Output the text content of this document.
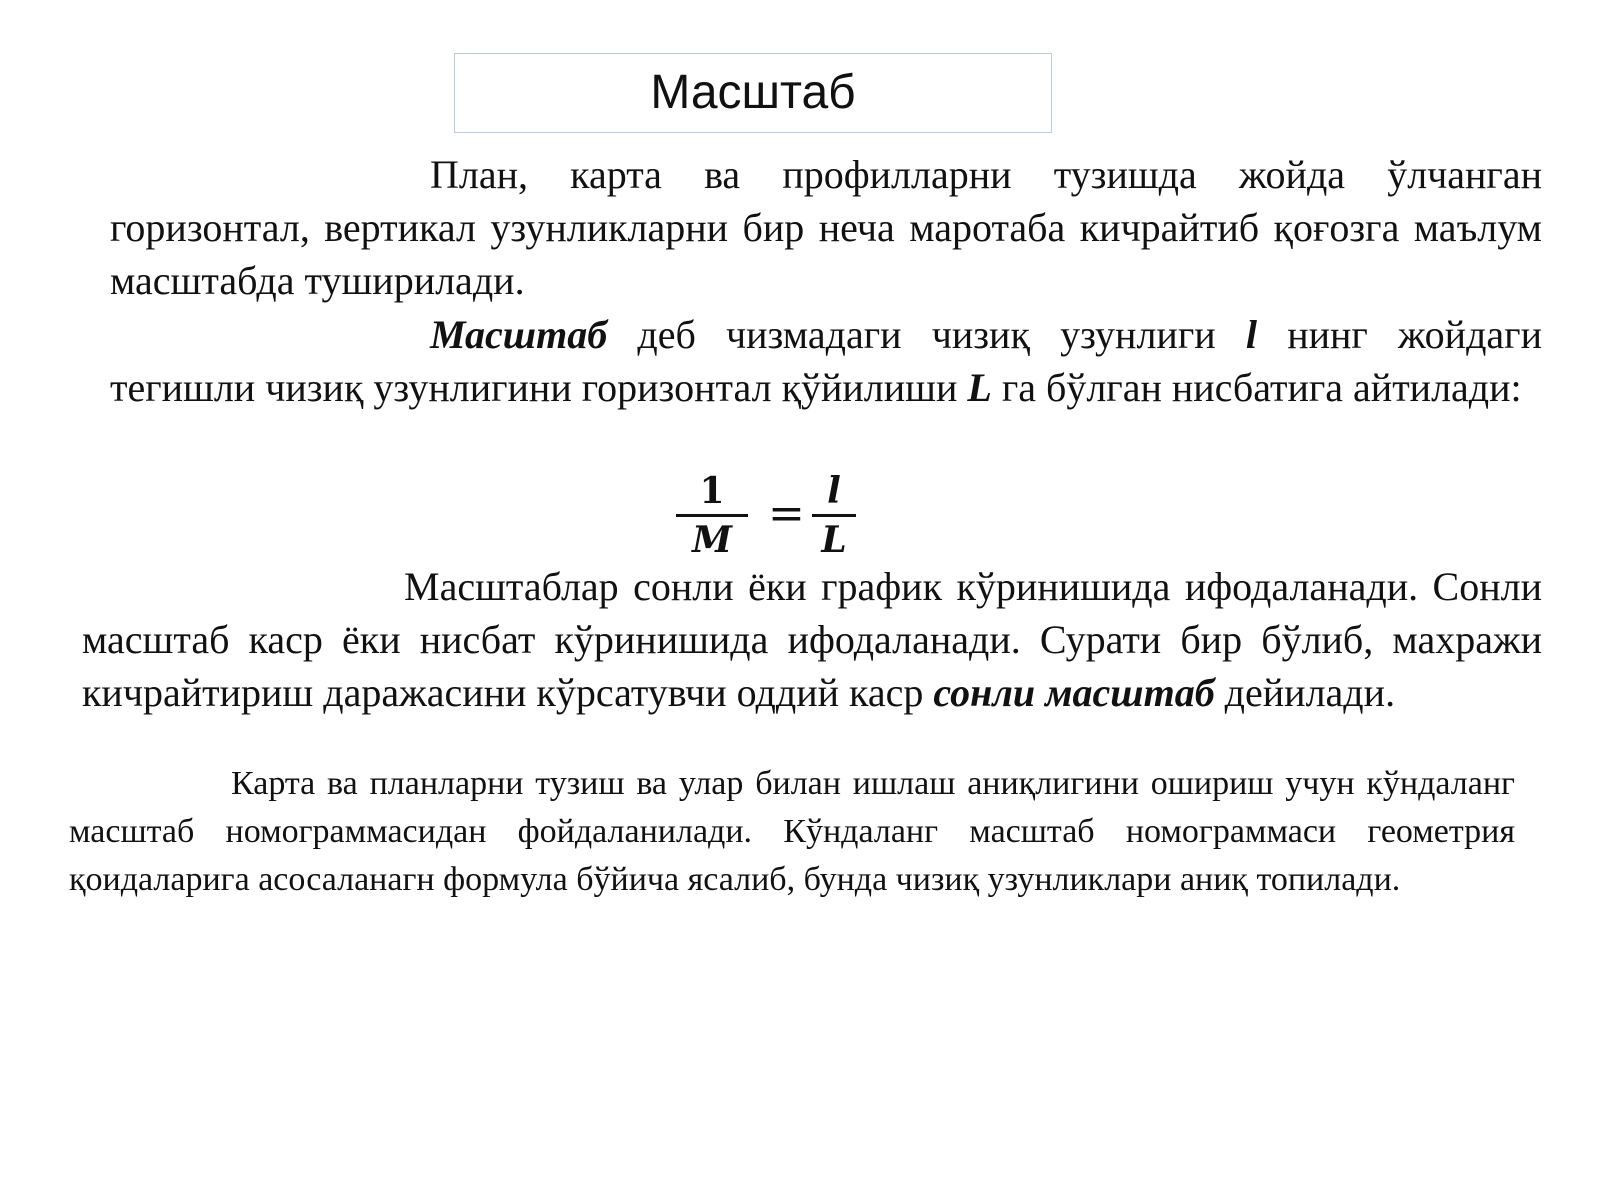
Масштаб

План, карта ва профилларни тузишда жойда ўлчанган горизонтал, вертикал узунликларни бир неча маротаба кичрайтиб қоғозга маълум масштабда туширилади.

Масштаб деб чизмадаги чизиқ узунлиги l нинг жойдаги тегишли чизиқ узунлигини горизонтал қўйилиши L га бўлган нисбатига айтилади:

1
M
= l
L

Масштаблар сонли ёки график кўринишида ифодаланади. Сонли масштаб каср ёки нисбат кўринишида ифодаланади. Сурати бир бўлиб, махражи кичрайтириш даражасини кўрсатувчи оддий каср сонли масштаб дейилади.

Карта ва планларни тузиш ва улар билан ишлаш аниқлигини ошириш учун кўндаланг масштаб номограммасидан фойдаланилади. Кўндаланг масштаб номограммаси геометрия қоидаларига асосаланагн формула бўйича ясалиб, бунда чизиқ узунликлари аниқ топилади.
